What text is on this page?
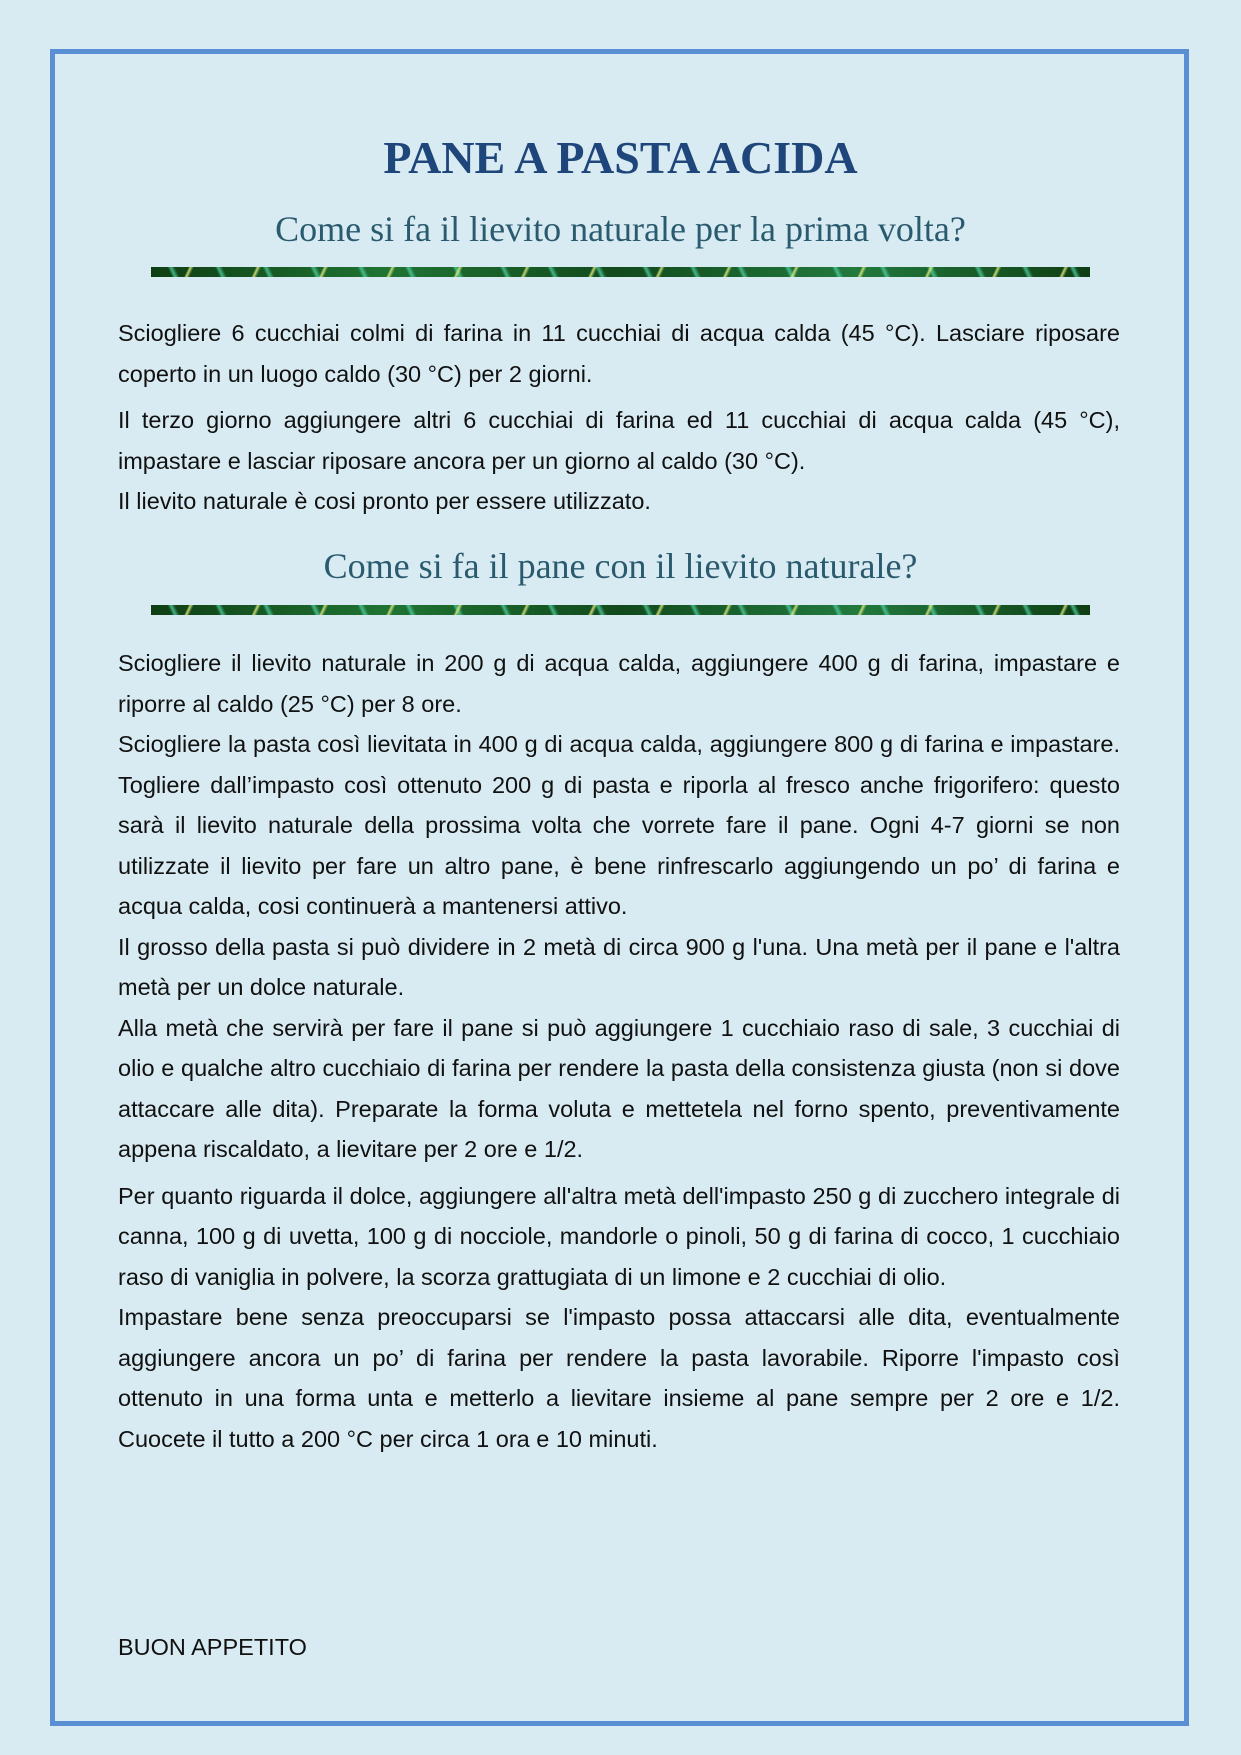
PANE A PASTA ACIDA
Come si fa il lievito naturale per la prima volta?

Sciogliere 6 cucchiai colmi di farina in 11 cucchiai di acqua calda (45 °C). Lasciare riposare coperto in un luogo caldo (30 °C) per 2 giorni.

Il terzo giorno aggiungere altri 6 cucchiai di farina ed 11 cucchiai di acqua calda (45 °C), impastare e lasciar riposare ancora per un giorno al caldo (30 °C).

Il lievito naturale è cosi pronto per essere utilizzato.

Come si fa il pane con il lievito naturale?

Sciogliere il lievito naturale in 200 g di acqua calda, aggiungere 400 g di farina, impastare e riporre al caldo (25 °C) per 8 ore.

Sciogliere la pasta così lievitata in 400 g di acqua calda, aggiungere 800 g di farina e impastare. Togliere dall’impasto così ottenuto 200 g di pasta e riporla al fresco anche frigorifero: questo sarà il lievito naturale della prossima volta che vorrete fare il pane. Ogni 4-7 giorni se non utilizzate il lievito per fare un altro pane, è bene rinfrescarlo aggiungendo un po’ di farina e acqua calda, cosi continuerà a mantenersi attivo.

Il grosso della pasta si può dividere in 2 metà di circa 900 g l'una. Una metà per il pane e l'altra metà per un dolce naturale.

Alla metà che servirà per fare il pane si può aggiungere 1 cucchiaio raso di sale, 3 cucchiai di olio e qualche altro cucchiaio di farina per rendere la pasta della consistenza giusta (non si dove attaccare alle dita). Preparate la forma voluta e mettetela nel forno spento, preventivamente appena riscaldato, a lievitare per 2 ore e 1/2.

Per quanto riguarda il dolce, aggiungere all'altra metà dell'impasto 250 g di zucchero integrale di canna, 100 g di uvetta, 100 g di nocciole, mandorle o pinoli, 50 g di farina di cocco, 1 cucchiaio raso di vaniglia in polvere, la scorza grattugiata di un limone e 2 cucchiai di olio.

Impastare bene senza preoccuparsi se l'impasto possa attaccarsi alle dita, eventualmente aggiungere ancora un po’ di farina per rendere la pasta lavorabile. Riporre l'impasto così ottenuto in una forma unta e metterlo a lievitare insieme al pane sempre per 2 ore e 1/2. Cuocete il tutto a 200 °C per circa 1 ora e 10 minuti.

BUON APPETITO
